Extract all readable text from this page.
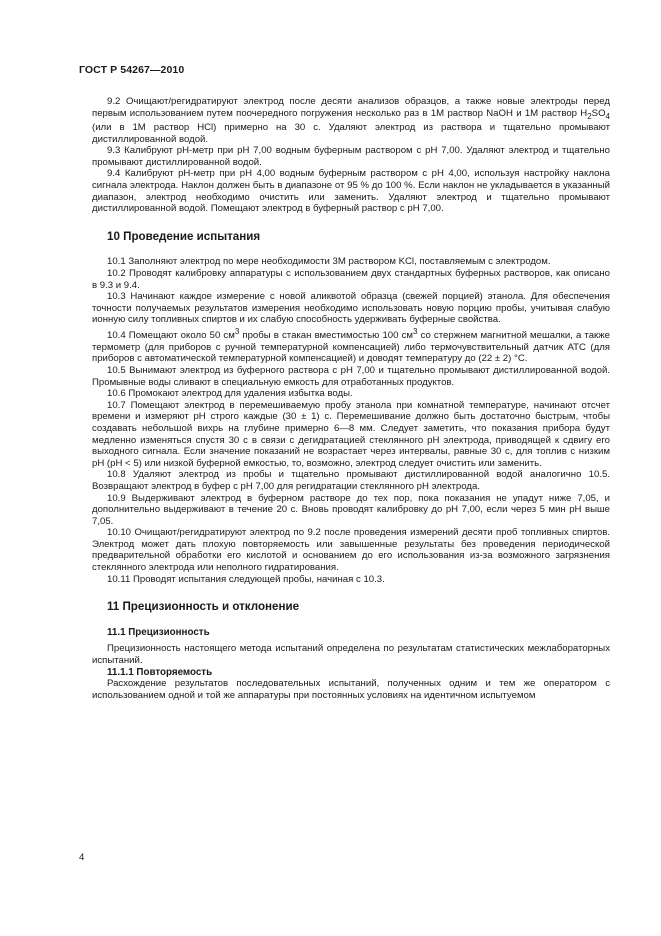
ГОСТ Р 54267—2010

9.2 Очищают/регидратируют электрод после десяти анализов образцов, а также новые электроды перед первым использованием путем поочередного погружения несколько раз в 1М раствор NaOH и 1М раствор $H_2SO_4$ (или в 1М раствор HCl) примерно на 30 с. Удаляют электрод из раствора и тщательно промывают дистиллированной водой.

9.3 Калибруют рН-метр при рН 7,00 водным буферным раствором с рН 7,00. Удаляют электрод и тщательно промывают дистиллированной водой.

9.4 Калибруют рН-метр при рН 4,00 водным буферным раствором с рН 4,00, используя настройку наклона сигнала электрода. Наклон должен быть в диапазоне от 95 % до 100 %. Если наклон не укладывается в указанный диапазон, электрод необходимо очистить или заменить. Удаляют электрод и тщательно промывают дистиллированной водой. Помещают электрод в буферный раствор с рН 7,00.

10 Проведение испытания

10.1 Заполняют электрод по мере необходимости 3М раствором KCl, поставляемым с электродом.

10.2 Проводят калибровку аппаратуры с использованием двух стандартных буферных растворов, как описано в 9.3 и 9.4.

10.3 Начинают каждое измерение с новой аликвотой образца (свежей порцией) этанола. Для обеспечения точности получаемых результатов измерения необходимо использовать новую порцию пробы, учитывая слабую ионную силу топливных спиртов и их слабую способность удерживать буферные свойства.

10.4 Помещают около 50 $см^3$ пробы в стакан вместимостью 100 $см^3$ со стержнем магнитной мешалки, а также термометр (для приборов с ручной температурной компенсацией) либо термочувствительный датчик АТС (для приборов с автоматической температурной компенсацией) и доводят температуру до (22 ± 2) °С.

10.5 Вынимают электрод из буферного раствора с рН 7,00 и тщательно промывают дистиллированной водой. Промывные воды сливают в специальную емкость для отработанных продуктов.

10.6 Промокают электрод для удаления избытка воды.

10.7 Помещают электрод в перемешиваемую пробу этанола при комнатной температуре, начинают отсчет времени и измеряют рН строго каждые (30 ± 1) с. Перемешивание должно быть достаточно быстрым, чтобы создавать небольшой вихрь на глубине примерно 6—8 мм. Следует заметить, что показания прибора будут медленно изменяться спустя 30 с в связи с дегидратацией стеклянного рН электрода, приводящей к сдвигу его выходного сигнала. Если значение показаний не возрастает через интервалы, равные 30 с, для топлив с низким рН (рН < 5) или низкой буферной емкостью, то, возможно, электрод следует очистить или заменить.

10.8 Удаляют электрод из пробы и тщательно промывают дистиллированной водой аналогично 10.5. Возвращают электрод в буфер с рН 7,00 для регидратации стеклянного рН электрода.

10.9 Выдерживают электрод в буферном растворе до тех пор, пока показания не упадут ниже 7,05, и дополнительно выдерживают в течение 20 с. Вновь проводят калибровку до рН 7,00, если через 5 мин рН выше 7,05.

10.10 Очищают/регидратируют электрод по 9.2 после проведения измерений десяти проб топливных спиртов. Электрод может дать плохую повторяемость или завышенные результаты без проведения периодической предварительной обработки его кислотой и основанием до его использования из-за возможного загрязнения стеклянного электрода или неполного гидратирования.

10.11 Проводят испытания следующей пробы, начиная с 10.3.

11 Прецизионность и отклонение
11.1 Прецизионность

Прецизионность настоящего метода испытаний определена по результатам статистических межлабораторных испытаний.

11.1.1 Повторяемость

Расхождение результатов последовательных испытаний, полученных одним и тем же оператором с использованием одной и той же аппаратуры при постоянных условиях на идентичном испытуемом

4
